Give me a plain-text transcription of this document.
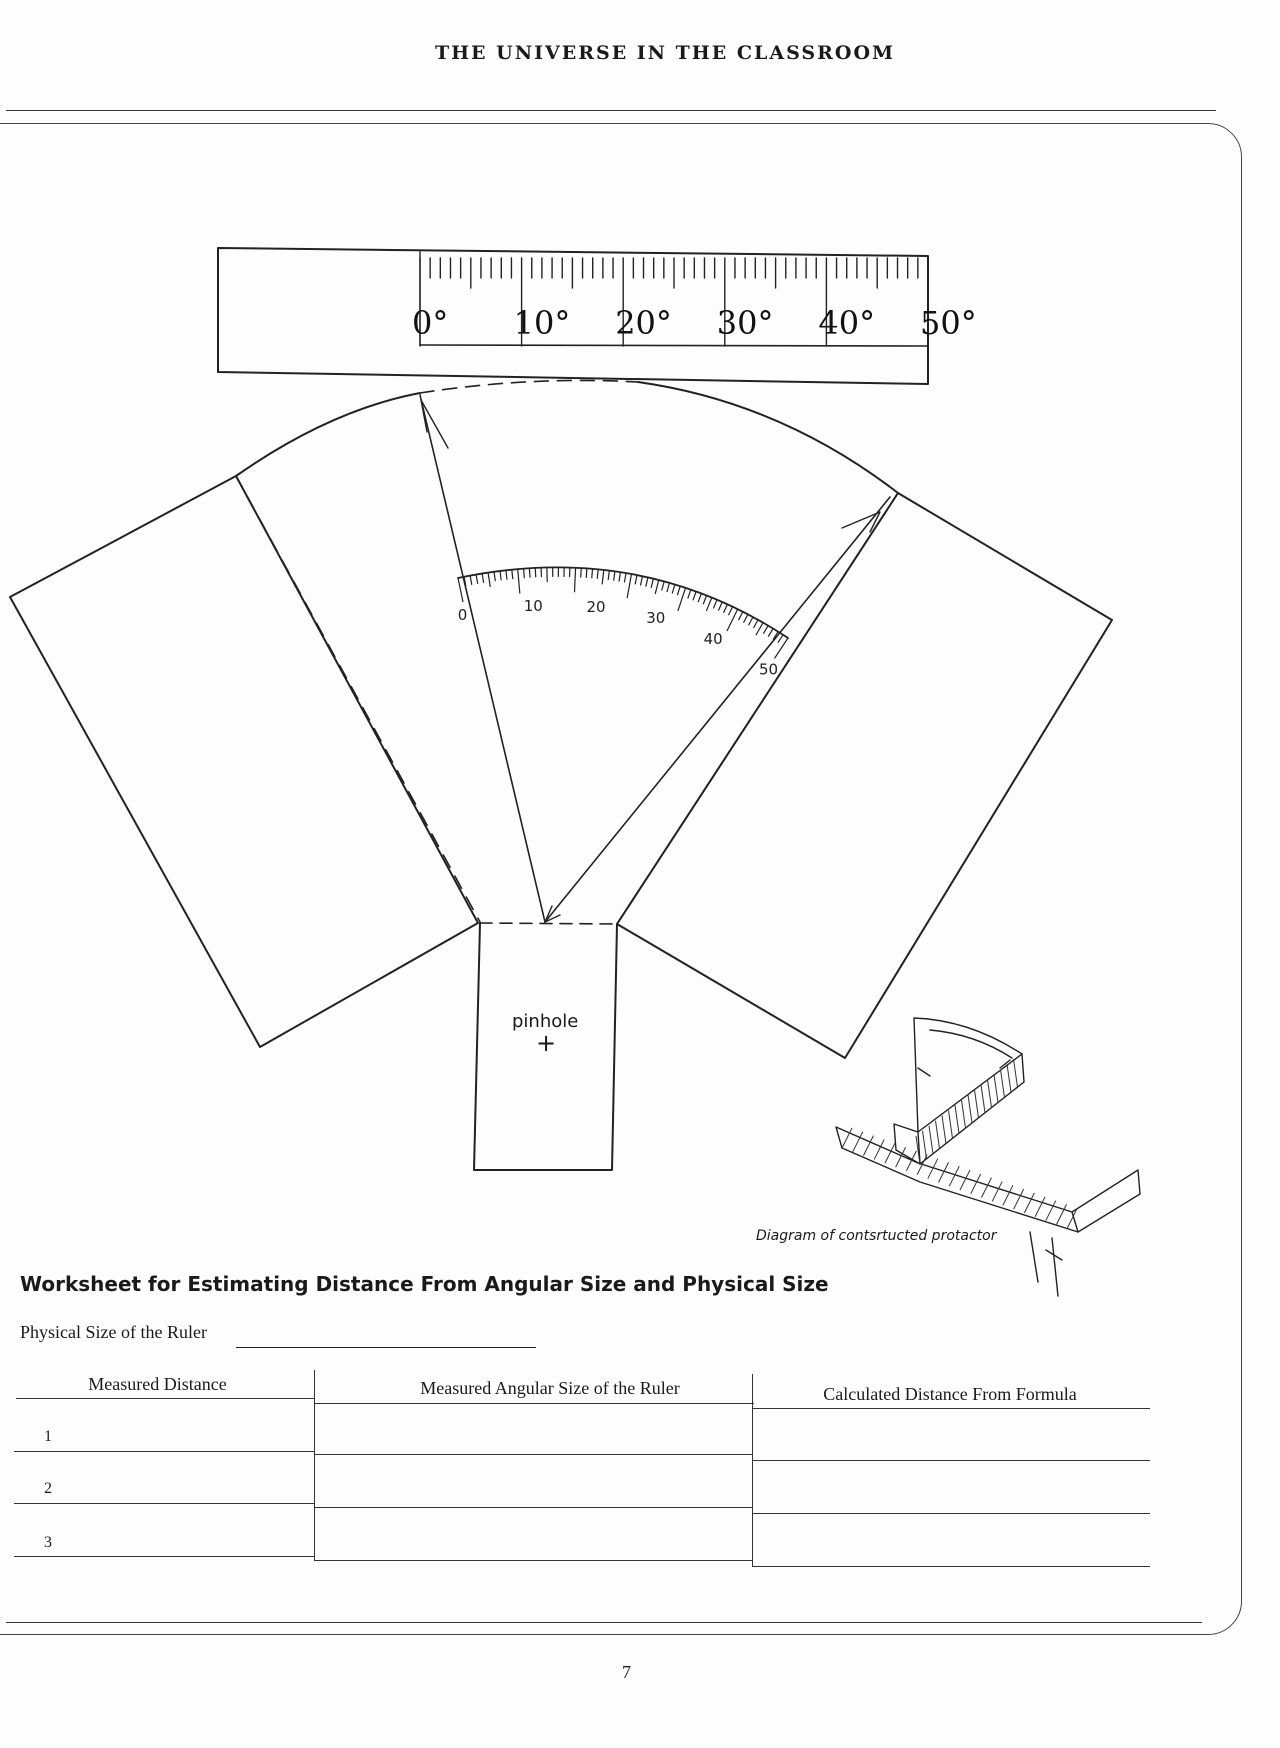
THE UNIVERSE IN THE CLASSROOM
0° 10° 20° 30° 40° 50°
0
10	20
30
40
50
pinhole
+
Diagram of contsrtucted protactor
Worksheet for Estimating Distance From Angular Size and Physical Size
Physical Size of the Ruler
Measured Distance	Measured Angular Size of the Ruler	Calculated Distance From Formula
1
2
3
7
